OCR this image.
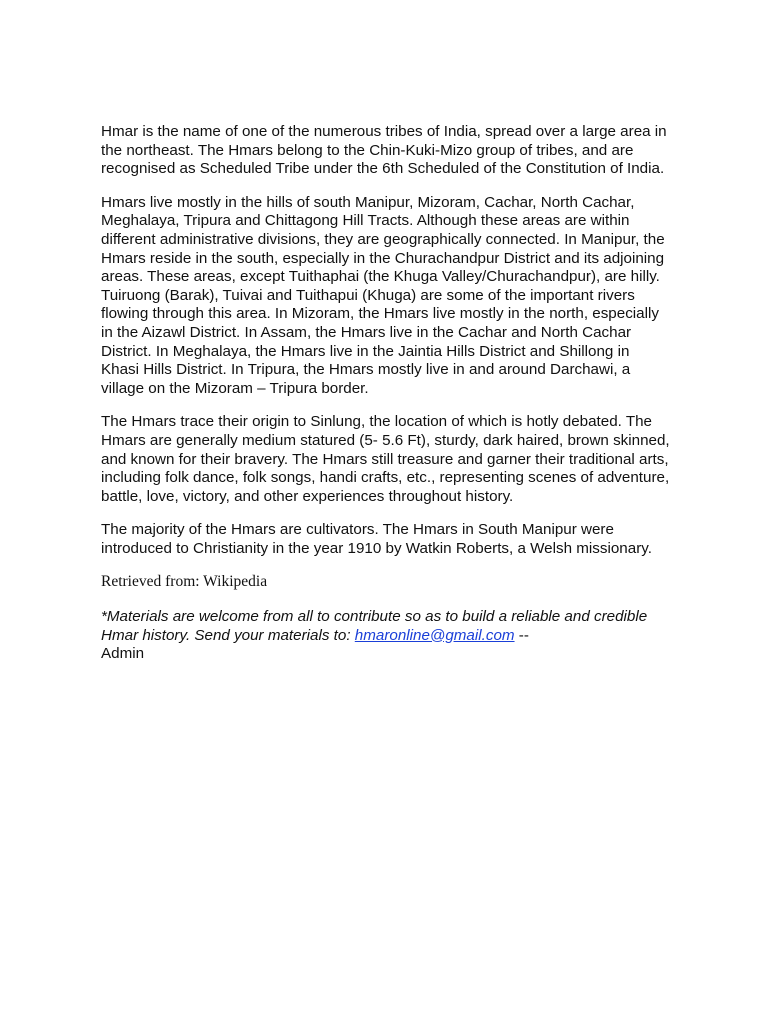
Hmar is the name of one of the numerous tribes of India, spread over a large area in the northeast. The Hmars belong to the Chin-Kuki-Mizo group of tribes, and are recognised as Scheduled Tribe under the 6th Scheduled of the Constitution of India.

Hmars live mostly in the hills of south Manipur, Mizoram, Cachar, North Cachar, Meghalaya, Tripura and Chittagong Hill Tracts. Although these areas are within different administrative divisions, they are geographically connected. In Manipur, the Hmars reside in the south, especially in the Churachandpur District and its adjoining areas. These areas, except Tuithaphai (the Khuga Valley/Churachandpur), are hilly. Tuiruong (Barak), Tuivai and Tuithapui (Khuga) are some of the important rivers flowing through this area. In Mizoram, the Hmars live mostly in the north, especially in the Aizawl District. In Assam, the Hmars live in the Cachar and North Cachar District. In Meghalaya, the Hmars live in the Jaintia Hills District and Shillong in Khasi Hills District. In Tripura, the Hmars mostly live in and around Darchawi, a village on the Mizoram – Tripura border.

The Hmars trace their origin to Sinlung, the location of which is hotly debated. The Hmars are generally medium statured (5- 5.6 Ft), sturdy, dark haired, brown skinned, and known for their bravery. The Hmars still treasure and garner their traditional arts, including folk dance, folk songs, handi crafts, etc., representing scenes of adventure, battle, love, victory, and other experiences throughout history.

The majority of the Hmars are cultivators. The Hmars in South Manipur were introduced to Christianity in the year 1910 by Watkin Roberts, a Welsh missionary.

Retrieved from: Wikipedia

*Materials are welcome from all to contribute so as to build a reliable and credible Hmar history. Send your materials to: hmaronline@gmail.com --
Admin
